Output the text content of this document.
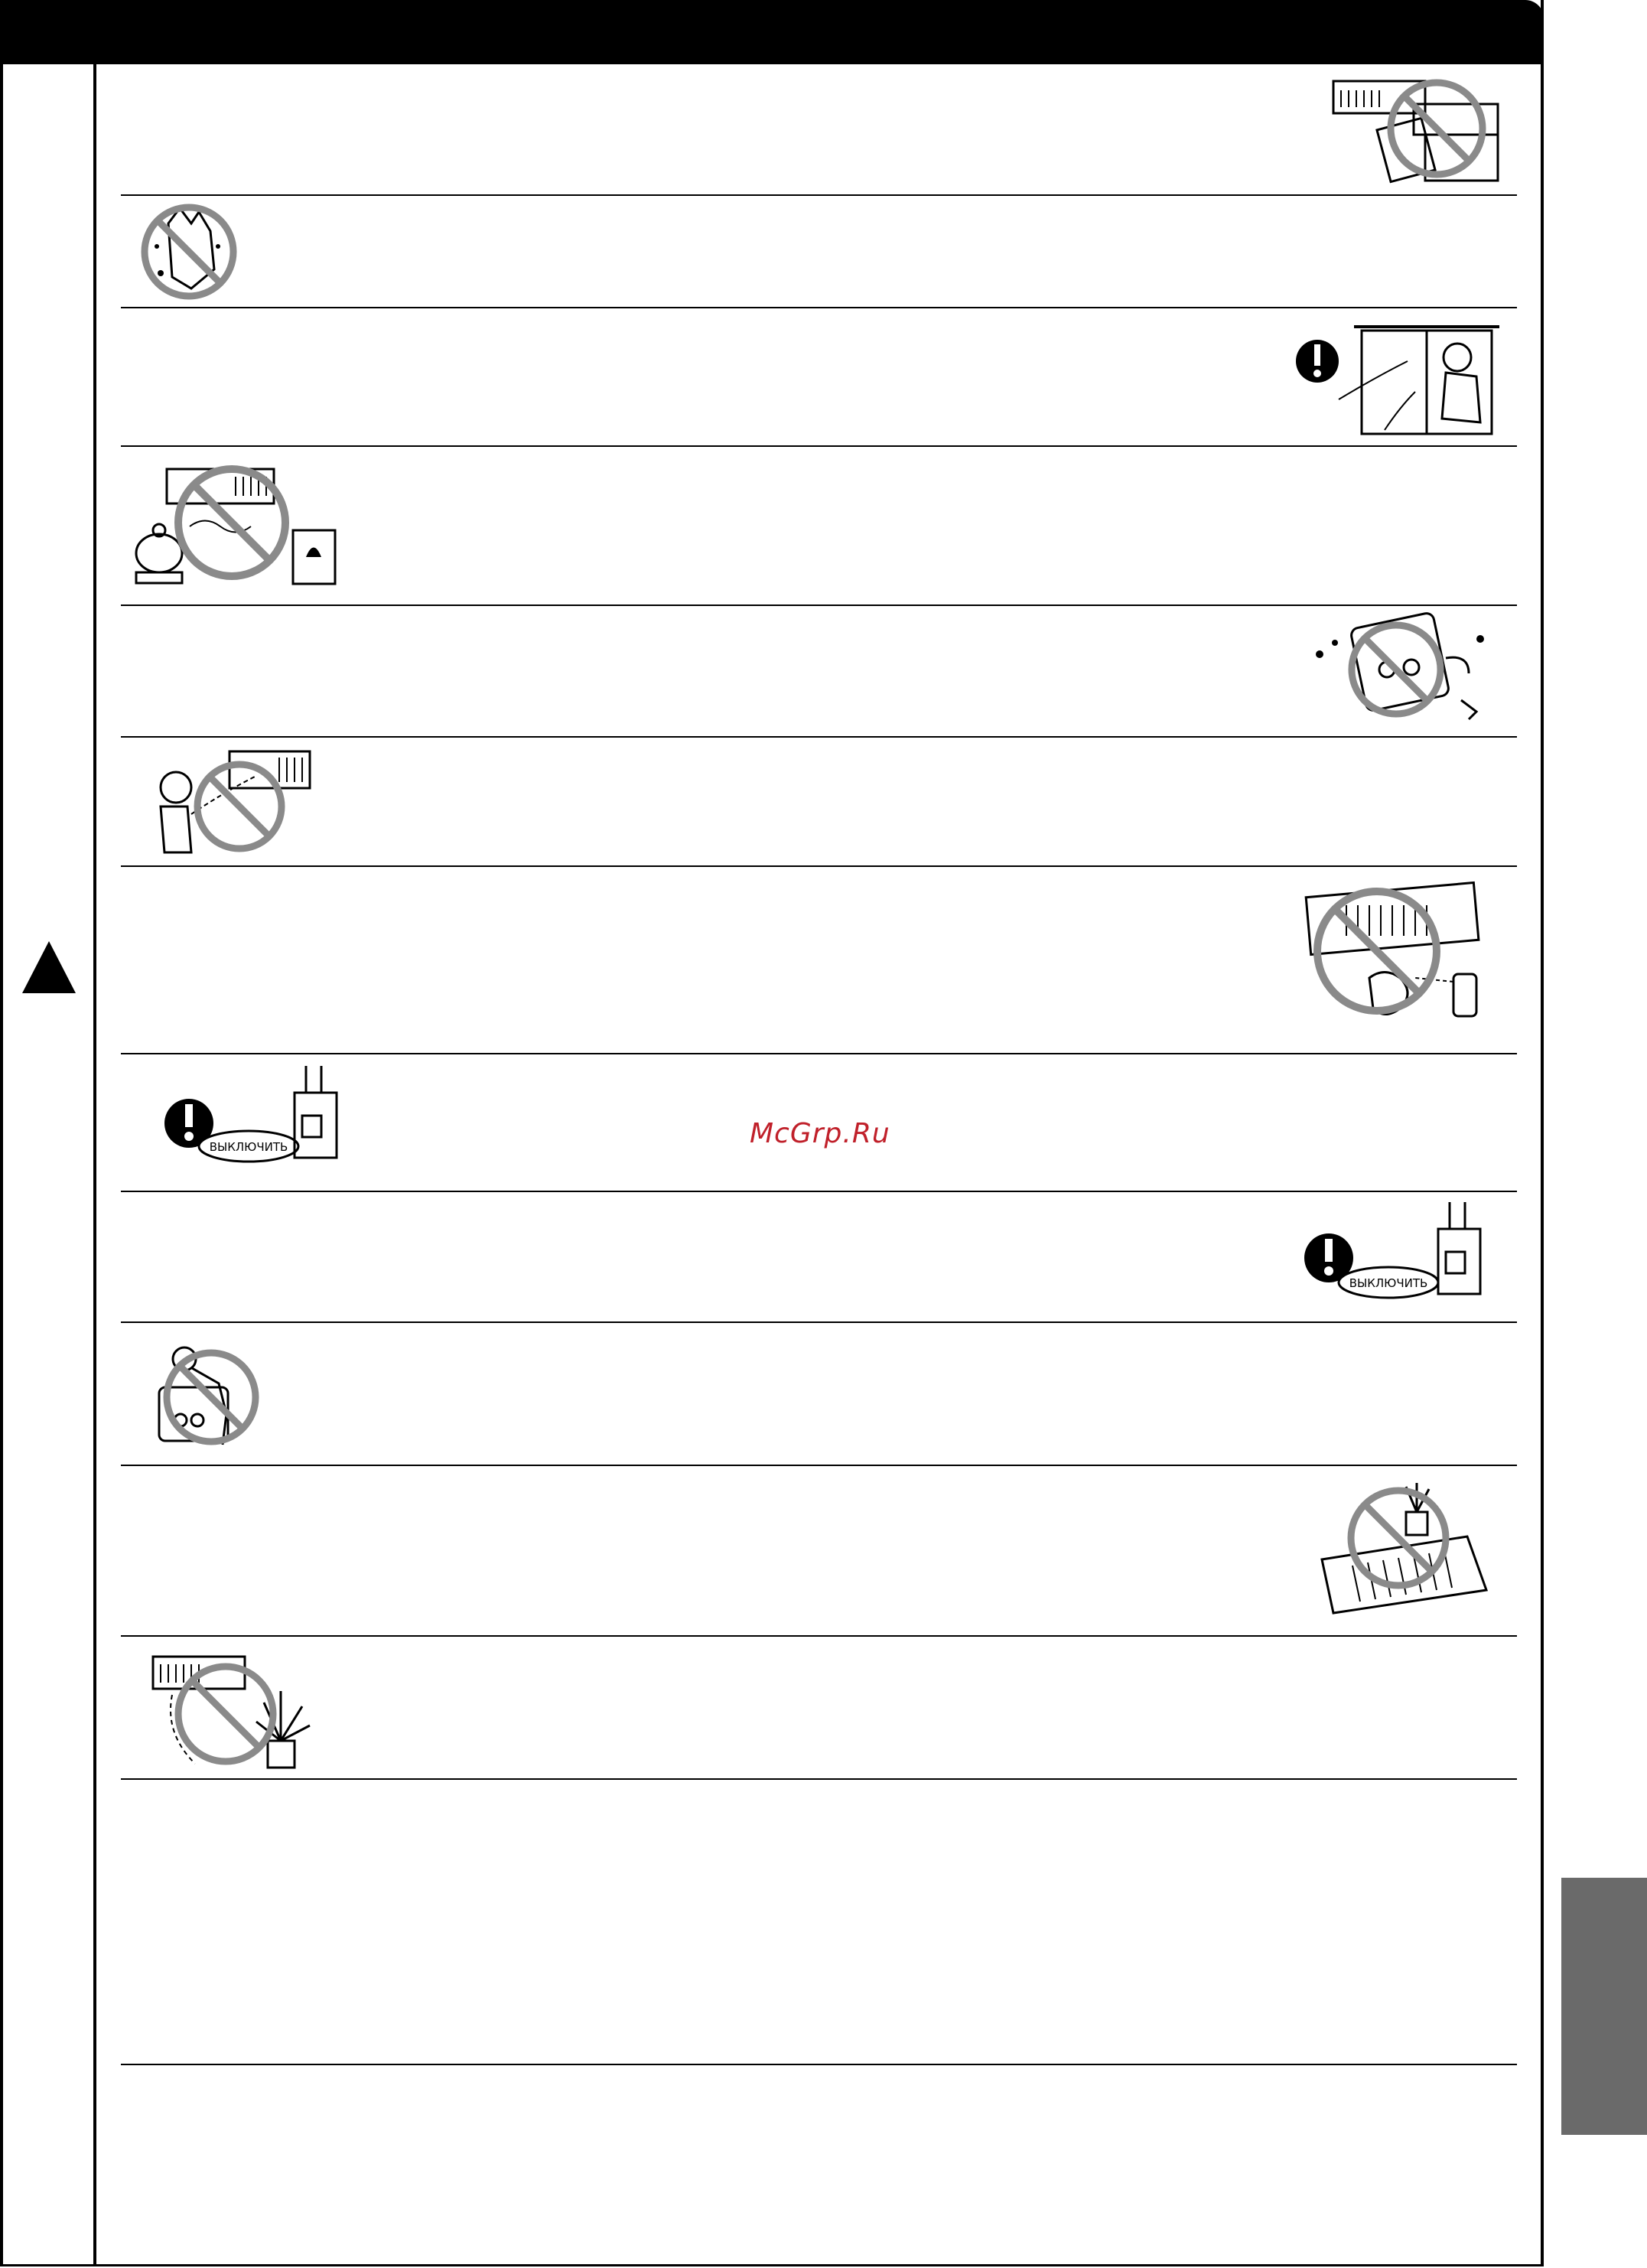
ВЫКЛЮЧИТЬ
ВЫКЛЮЧИТЬ
McGrp.Ru
